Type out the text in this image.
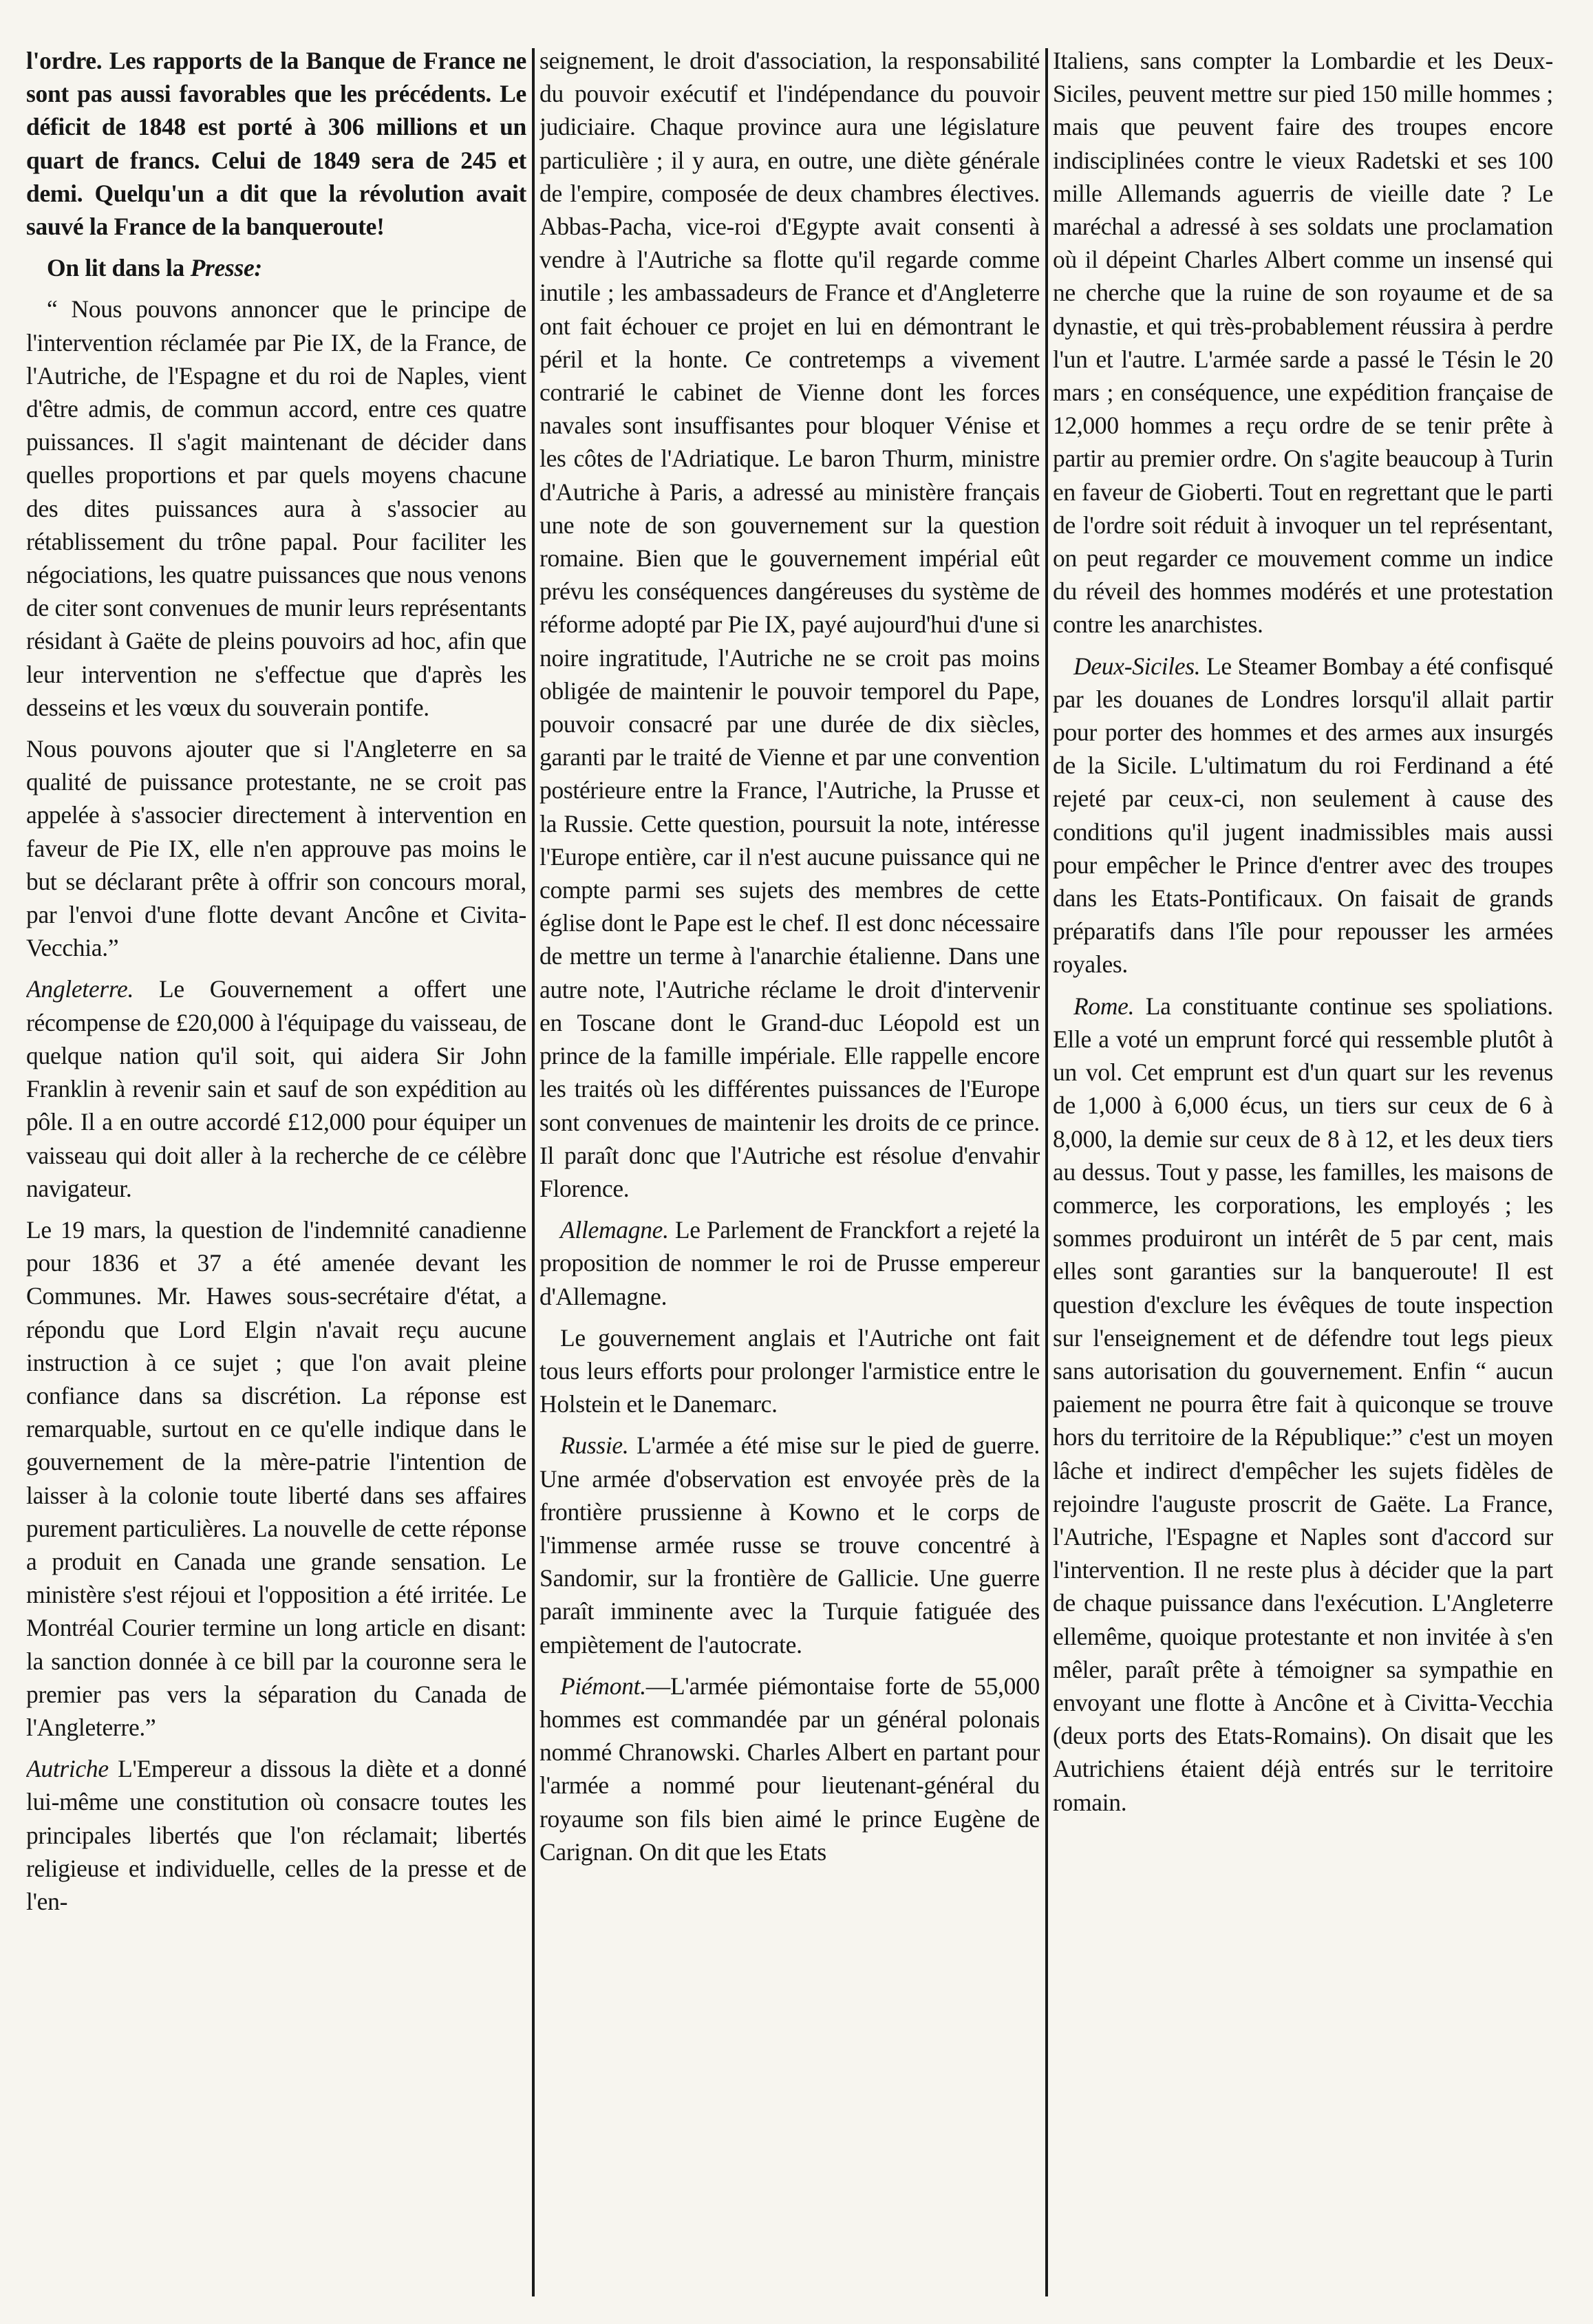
l'ordre. Les rapports de la Banque de France ne sont pas aussi favorables que les précédents. Le déficit de 1848 est porté à 306 millions et un quart de francs. Celui de 1849 sera de 245 et demi. Quelqu'un a dit que la révolution avait sauvé la France de la banqueroute!

On lit dans la Presse:

“ Nous pouvons annoncer que le principe de l'intervention réclamée par Pie IX, de la France, de l'Autriche, de l'Espagne et du roi de Naples, vient d'être admis, de commun accord, entre ces quatre puissances. Il s'agit maintenant de décider dans quelles proportions et par quels moyens chacune des dites puissances aura à s'associer au rétablissement du trône papal. Pour faciliter les négociations, les quatre puissances que nous venons de citer sont convenues de munir leurs représentants résidant à Gaëte de pleins pouvoirs ad hoc, afin que leur intervention ne s'effectue que d'après les desseins et les vœux du souverain pontife.

Nous pouvons ajouter que si l'Angleterre en sa qualité de puissance protestante, ne se croit pas appelée à s'associer directement à intervention en faveur de Pie IX, elle n'en approuve pas moins le but se déclarant prête à offrir son concours moral, par l'envoi d'une flotte devant Ancône et Civita-Vecchia.”

Angleterre. Le Gouvernement a offert une récompense de £20,000 à l'équipage du vaisseau, de quelque nation qu'il soit, qui aidera Sir John Franklin à revenir sain et sauf de son expédition au pôle. Il a en outre accordé £12,000 pour équiper un vaisseau qui doit aller à la recherche de ce célèbre navigateur.

Le 19 mars, la question de l'indemnité canadienne pour 1836 et 37 a été amenée devant les Communes. Mr. Hawes sous-secrétaire d'état, a répondu que Lord Elgin n'avait reçu aucune instruction à ce sujet ; que l'on avait pleine confiance dans sa discrétion. La réponse est remarquable, surtout en ce qu'elle indique dans le gouvernement de la mère-patrie l'intention de laisser à la colonie toute liberté dans ses affaires purement particulières. La nouvelle de cette réponse a produit en Canada une grande sensation. Le ministère s'est réjoui et l'opposition a été irritée. Le Montréal Courier termine un long article en disant: la sanction donnée à ce bill par la couronne sera le premier pas vers la séparation du Canada de l'Angleterre.”

Autriche L'Empereur a dissous la diète et a donné lui-même une constitution où consacre toutes les principales libertés que l'on réclamait; libertés religieuse et individuelle, celles de la presse et de l'en-

seignement, le droit d'association, la responsabilité du pouvoir exécutif et l'indépendance du pouvoir judiciaire. Chaque province aura une législature particulière ; il y aura, en outre, une diète générale de l'empire, composée de deux chambres électives. Abbas-Pacha, vice-roi d'Egypte avait consenti à vendre à l'Autriche sa flotte qu'il regarde comme inutile ; les ambassadeurs de France et d'Angleterre ont fait échouer ce projet en lui en démontrant le péril et la honte. Ce contretemps a vivement contrarié le cabinet de Vienne dont les forces navales sont insuffisantes pour bloquer Vénise et les côtes de l'Adriatique. Le baron Thurm, ministre d'Autriche à Paris, a adressé au ministère français une note de son gouvernement sur la question romaine. Bien que le gouvernement impérial eût prévu les conséquences dangéreuses du système de réforme adopté par Pie IX, payé aujourd'hui d'une si noire ingratitude, l'Autriche ne se croit pas moins obligée de maintenir le pouvoir temporel du Pape, pouvoir consacré par une durée de dix siècles, garanti par le traité de Vienne et par une convention postérieure entre la France, l'Autriche, la Prusse et la Russie. Cette question, poursuit la note, intéresse l'Europe entière, car il n'est aucune puissance qui ne compte parmi ses sujets des membres de cette église dont le Pape est le chef. Il est donc nécessaire de mettre un terme à l'anarchie étalienne. Dans une autre note, l'Autriche réclame le droit d'intervenir en Toscane dont le Grand-duc Léopold est un prince de la famille impériale. Elle rappelle encore les traités où les différentes puissances de l'Europe sont convenues de maintenir les droits de ce prince. Il paraît donc que l'Autriche est résolue d'envahir Florence.

Allemagne. Le Parlement de Franckfort a rejeté la proposition de nommer le roi de Prusse empereur d'Allemagne.

Le gouvernement anglais et l'Autriche ont fait tous leurs efforts pour prolonger l'armistice entre le Holstein et le Danemarc.

Russie. L'armée a été mise sur le pied de guerre. Une armée d'observation est envoyée près de la frontière prussienne à Kowno et le corps de l'immense armée russe se trouve concentré à Sandomir, sur la frontière de Gallicie. Une guerre paraît imminente avec la Turquie fatiguée des empiètement de l'autocrate.

Piémont.—L'armée piémontaise forte de 55,000 hommes est commandée par un général polonais nommé Chranowski. Charles Albert en partant pour l'armée a nommé pour lieutenant-général du royaume son fils bien aimé le prince Eugène de Carignan. On dit que les Etats

Italiens, sans compter la Lombardie et les Deux-Siciles, peuvent mettre sur pied 150 mille hommes ; mais que peuvent faire des troupes encore indisciplinées contre le vieux Radetski et ses 100 mille Allemands aguerris de vieille date ? Le maréchal a adressé à ses soldats une proclamation où il dépeint Charles Albert comme un insensé qui ne cherche que la ruine de son royaume et de sa dynastie, et qui très-probablement réussira à perdre l'un et l'autre. L'armée sarde a passé le Tésin le 20 mars ; en conséquence, une expédition française de 12,000 hommes a reçu ordre de se tenir prête à partir au premier ordre. On s'agite beaucoup à Turin en faveur de Gioberti. Tout en regrettant que le parti de l'ordre soit réduit à invoquer un tel représentant, on peut regarder ce mouvement comme un indice du réveil des hommes modérés et une protestation contre les anarchistes.

Deux-Siciles. Le Steamer Bombay a été confisqué par les douanes de Londres lorsqu'il allait partir pour porter des hommes et des armes aux insurgés de la Sicile. L'ultimatum du roi Ferdinand a été rejeté par ceux-ci, non seulement à cause des conditions qu'il jugent inadmissibles mais aussi pour empêcher le Prince d'entrer avec des troupes dans les Etats-Pontificaux. On faisait de grands préparatifs dans l'île pour repousser les armées royales.

Rome. La constituante continue ses spoliations. Elle a voté un emprunt forcé qui ressemble plutôt à un vol. Cet emprunt est d'un quart sur les revenus de 1,000 à 6,000 écus, un tiers sur ceux de 6 à 8,000, la demie sur ceux de 8 à 12, et les deux tiers au dessus. Tout y passe, les familles, les maisons de commerce, les corporations, les employés ; les sommes produiront un intérêt de 5 par cent, mais elles sont garanties sur la banqueroute! Il est question d'exclure les évêques de toute inspection sur l'enseignement et de défendre tout legs pieux sans autorisation du gouvernement. Enfin “ aucun paiement ne pourra être fait à quiconque se trouve hors du territoire de la République:” c'est un moyen lâche et indirect d'empêcher les sujets fidèles de rejoindre l'auguste proscrit de Gaëte. La France, l'Autriche, l'Espagne et Naples sont d'accord sur l'intervention. Il ne reste plus à décider que la part de chaque puissance dans l'exécution. L'Angleterre ellemême, quoique protestante et non invitée à s'en mêler, paraît prête à témoigner sa sympathie en envoyant une flotte à Ancône et à Civitta-Vecchia (deux ports des Etats-Romains). On disait que les Autrichiens étaient déjà entrés sur le territoire romain.
